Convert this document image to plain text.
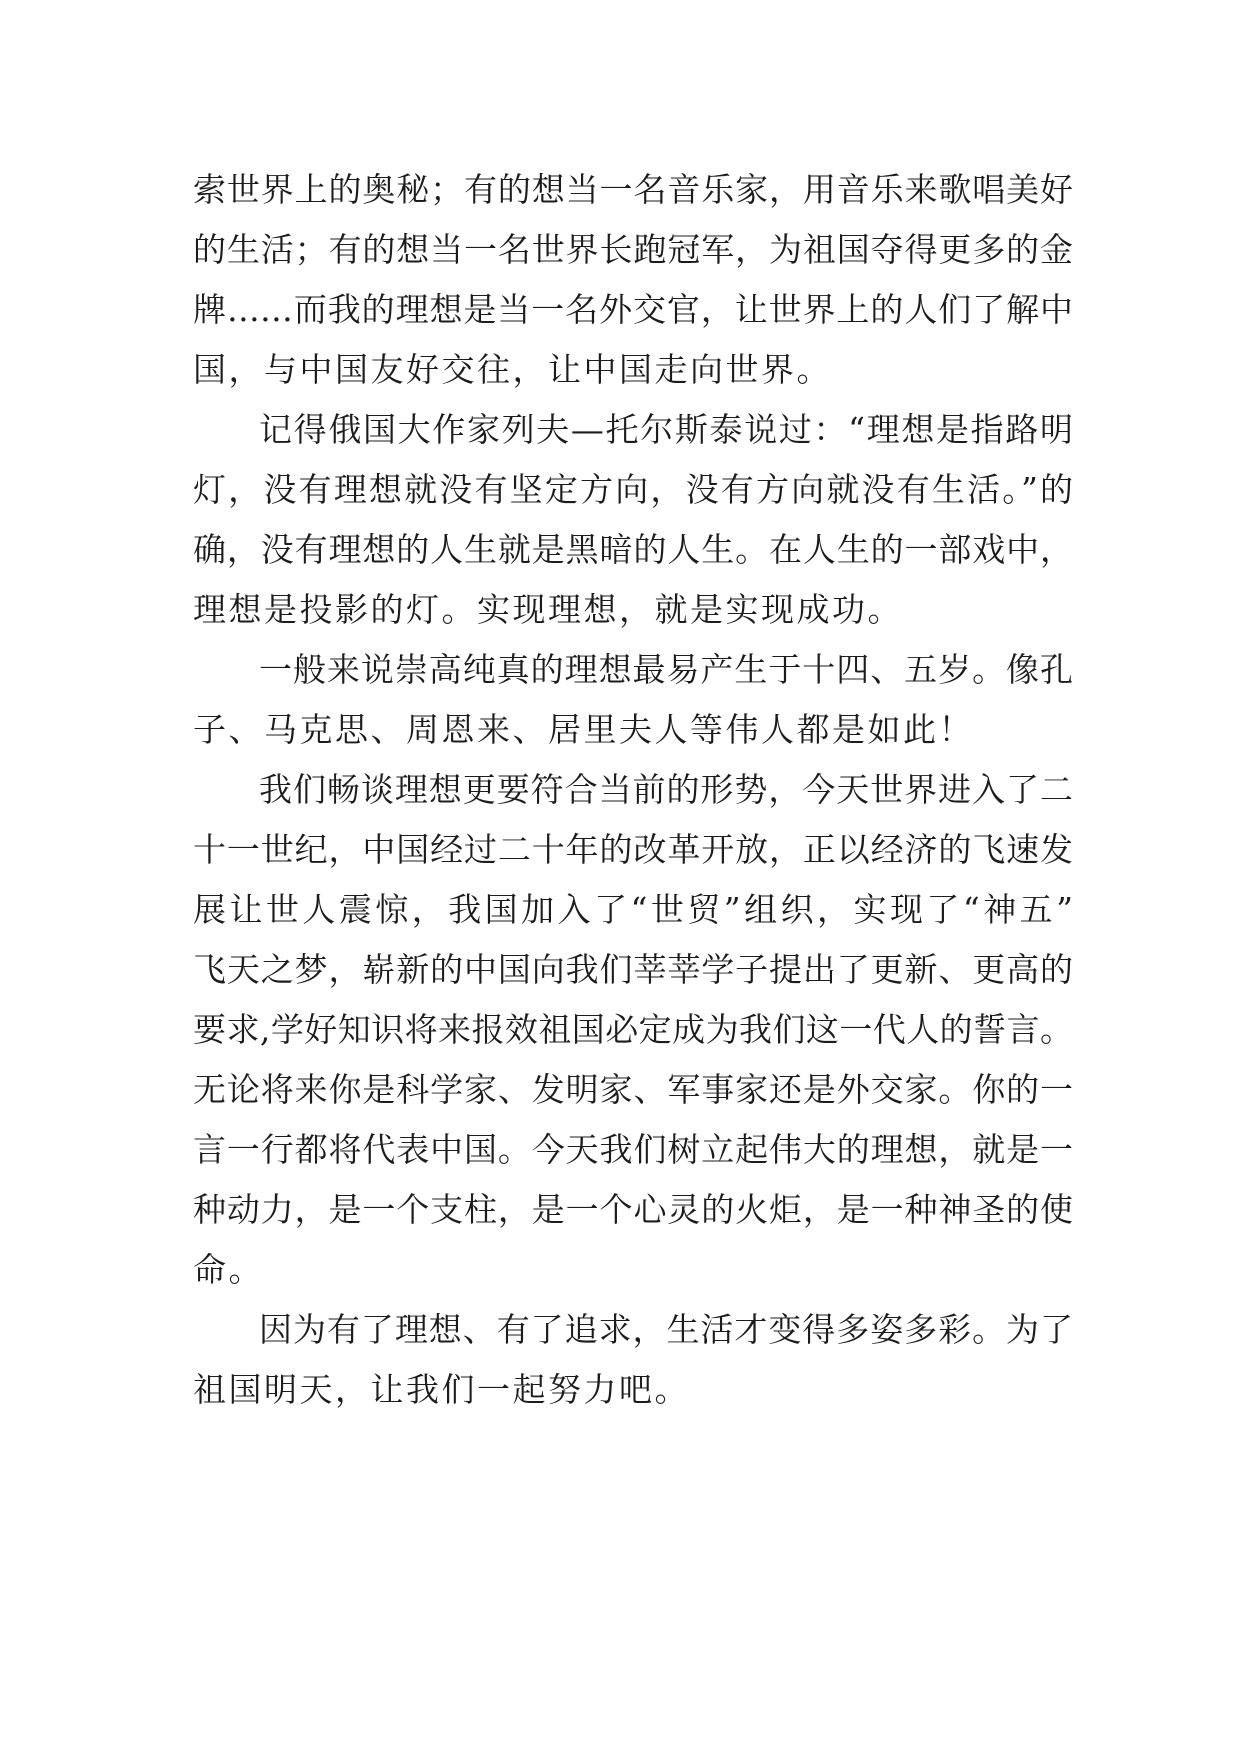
索世界上的奥秘；有的想当一名音乐家，用音乐来歌唱美好
的生活；有的想当一名世界长跑冠军，为祖国夺得更多的金
牌……而我的理想是当一名外交官，让世界上的人们了解中
国，与中国友好交往，让中国走向世界。
记得俄国大作家列夫—托尔斯泰说过：“理想是指路明
灯，没有理想就没有坚定方向，没有方向就没有生活。”的
确，没有理想的人生就是黑暗的人生。在人生的一部戏中，
理想是投影的灯。实现理想，就是实现成功。
一般来说崇高纯真的理想最易产生于十四、五岁。像孔
子、马克思、周恩来、居里夫人等伟人都是如此！
我们畅谈理想更要符合当前的形势，今天世界进入了二
十一世纪，中国经过二十年的改革开放，正以经济的飞速发
展让世人震惊，我国加入了“世贸”组织，实现了“神五”
飞天之梦，崭新的中国向我们莘莘学子提出了更新、更高的
要求,学好知识将来报效祖国必定成为我们这一代人的誓言。
无论将来你是科学家、发明家、军事家还是外交家。你的一
言一行都将代表中国。今天我们树立起伟大的理想，就是一
种动力，是一个支柱，是一个心灵的火炬，是一种神圣的使
命。
因为有了理想、有了追求，生活才变得多姿多彩。为了
祖国明天，让我们一起努力吧。
